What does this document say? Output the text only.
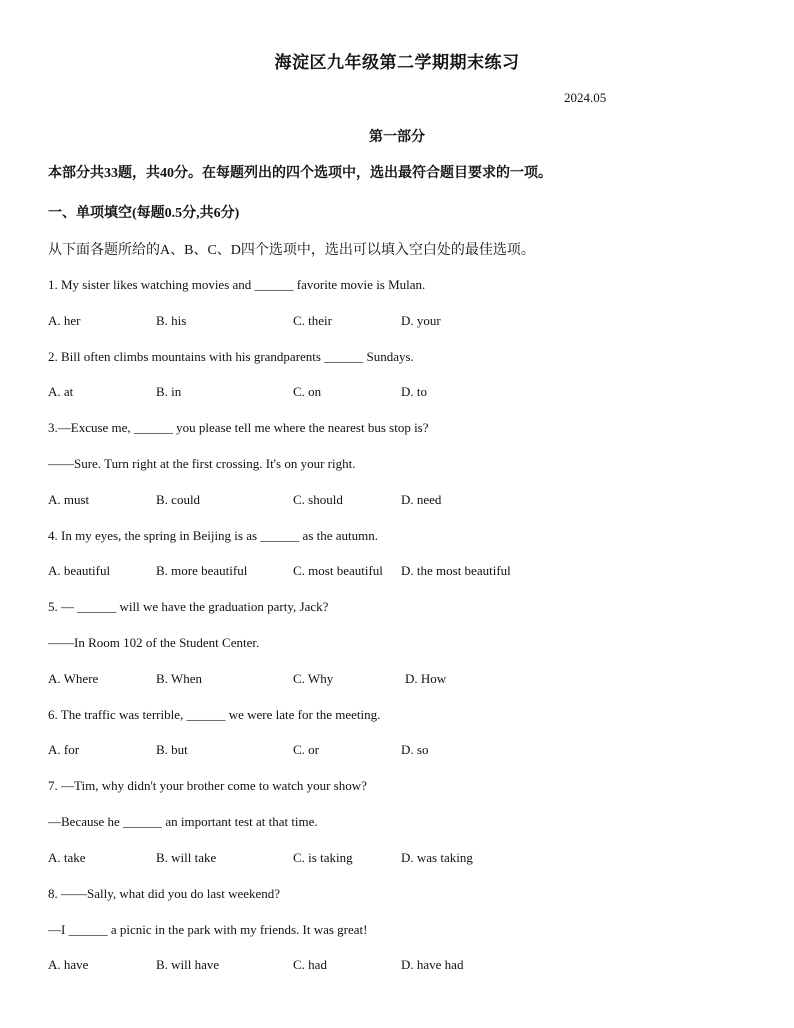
海淀区九年级第二学期期末练习
2024.05
第一部分
本部分共33题，共40分。在每题列出的四个选项中，选出最符合题目要求的一项。
一、单项填空(每题0.5分,共6分)
从下面各题所给的A、B、C、D四个选项中，选出可以填入空白处的最佳选项。
1. My sister likes watching movies and ______ favorite movie is Mulan.
A. her	B. his	C. their	D. your
2. Bill often climbs mountains with his grandparents ______ Sundays.
A. at	B. in	C. on	D. to
3.—Excuse me, ______ you please tell me where the nearest bus stop is?
——Sure. Turn right at the first crossing. It's on your right.
A. must	B. could	C. should	D. need
4. In my eyes, the spring in Beijing is as ______ as the autumn.
A. beautiful	B. more beautiful	C. most beautiful D. the most beautiful
5. — ______ will we have the graduation party, Jack?
——In Room 102 of the Student Center.
A. Where	B. When	C. Why	D. How
6. The traffic was terrible, ______ we were late for the meeting.
A. for	B. but	C. or	D. so
7. —Tim, why didn't your brother come to watch your show?
—Because he ______ an important test at that time.
A. take	B. will take	C. is taking	D. was taking
8. ——Sally, what did you do last weekend?
—I ______ a picnic in the park with my friends. It was great!
A. have	B. will have	C. had	D. have had
